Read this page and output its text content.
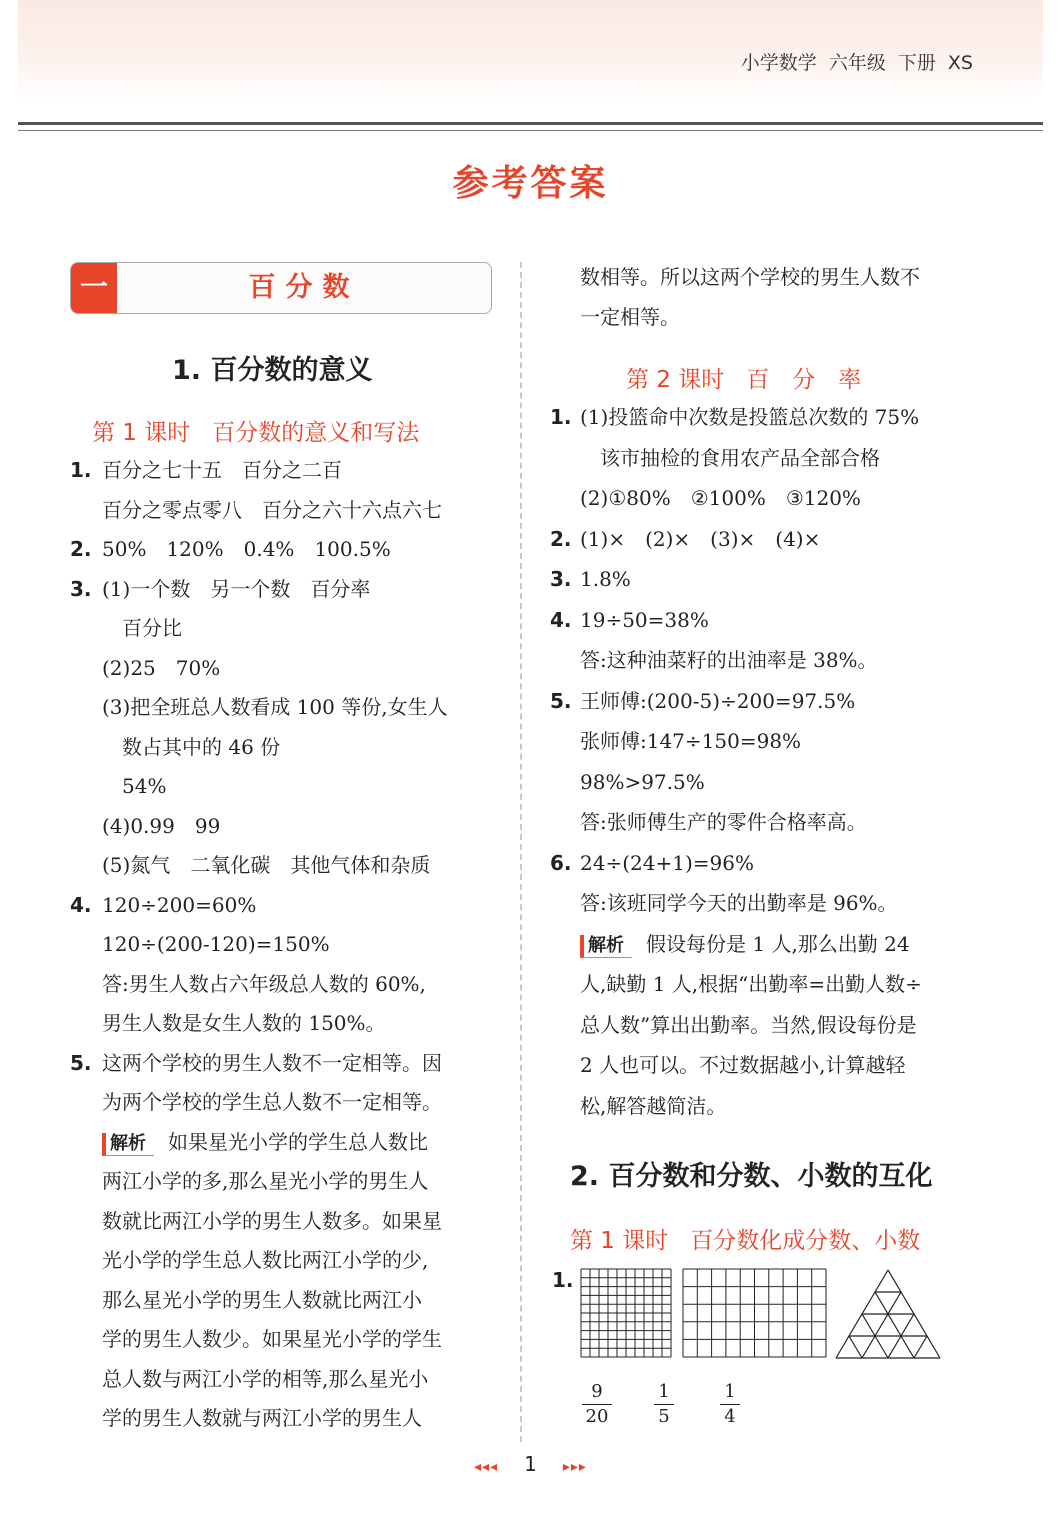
小学数学 六年级 下册 XS
参考答案
一	百分数
1. 百分数的意义
第 1 课时 百分数的意义和写法
1. 百分之七十五　百分之二百
百分之零点零八　百分之六十六点六七
2. 50%　120%　0.4%　100.5%
3. (1)一个数　另一个数　百分率
　百分比
(2)25　70%
(3)把全班总人数看成 100 等份,女生人
　数占其中的 46 份
　54%
(4)0.99　99
(5)氮气　二氧化碳　其他气体和杂质
4. 120÷200=60%
120÷(200-120)=150%
答:男生人数占六年级总人数的 60%,
男生人数是女生人数的 150%。
5. 这两个学校的男生人数不一定相等。因
为两个学校的学生总人数不一定相等。
解析 如果星光小学的学生总人数比
两江小学的多,那么星光小学的男生人
数就比两江小学的男生人数多。如果星
光小学的学生总人数比两江小学的少,
那么星光小学的男生人数就比两江小
学的男生人数少。如果星光小学的学生
总人数与两江小学的相等,那么星光小
学的男生人数就与两江小学的男生人
数相等。所以这两个学校的男生人数不
一定相等。
第 2 课时 百　分　率
1. (1)投篮命中次数是投篮总次数的 75%
　该市抽检的食用农产品全部合格
(2)①80%　②100%　③120%
2. (1)×　(2)×　(3)×　(4)×
3. 1.8%
4. 19÷50=38%
答:这种油菜籽的出油率是 38%。
5. 王师傅:(200-5)÷200=97.5%
张师傅:147÷150=98%
98%>97.5%
答:张师傅生产的零件合格率高。
6. 24÷(24+1)=96%
答:该班同学今天的出勤率是 96%。
解析 假设每份是 1 人,那么出勤 24
人,缺勤 1 人,根据“出勤率=出勤人数÷
总人数”算出出勤率。当然,假设每份是
2 人也可以。不过数据越小,计算越轻
松,解答越简洁。
2. 百分数和分数、小数的互化
第 1 课时 百分数化成分数、小数
1.
9
20
1
5
1
4
◂◂◂ 1 ▸▸▸
